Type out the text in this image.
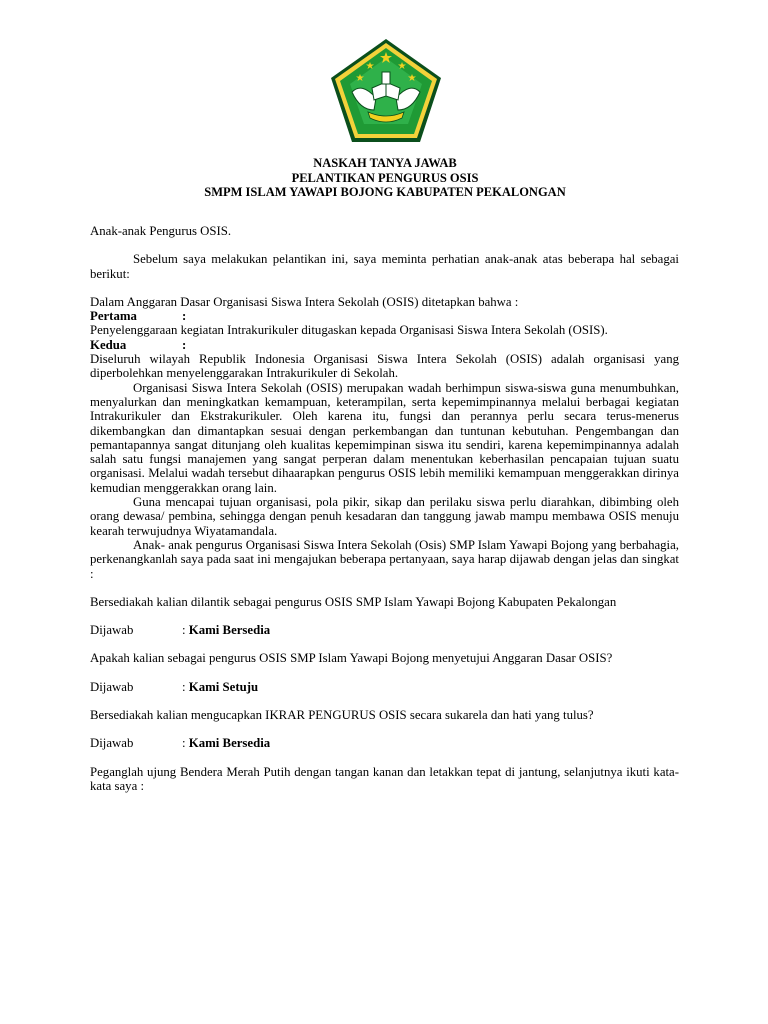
NASKAH TANYA JAWAB
PELANTIKAN PENGURUS OSIS
SMPM ISLAM YAWAPI BOJONG KABUPATEN PEKALONGAN

Anak-anak Pengurus OSIS.

Sebelum saya melakukan pelantikan ini, saya meminta perhatian anak-anak atas beberapa hal sebagai berikut:

Dalam Anggaran Dasar Organisasi Siswa Intera Sekolah (OSIS) ditetapkan bahwa :

Pertama	:

Penyelenggaraan kegiatan Intrakurikuler ditugaskan kepada Organisasi Siswa Intera Sekolah (OSIS).

Kedua	:

Diseluruh wilayah Republik Indonesia Organisasi Siswa Intera Sekolah (OSIS) adalah organisasi yang diperbolehkan menyelenggarakan Intrakurikuler di Sekolah.

Organisasi Siswa Intera Sekolah (OSIS) merupakan wadah berhimpun siswa-siswa guna menumbuhkan, menyalurkan dan meningkatkan kemampuan, keterampilan, serta kepemimpinannya melalui berbagai kegiatan Intrakurikuler dan Ekstrakurikuler. Oleh karena itu, fungsi dan perannya perlu secara terus-menerus dikembangkan dan dimantapkan sesuai dengan perkembangan dan tuntunan kebutuhan. Pengembangan dan pemantapannya sangat ditunjang oleh kualitas kepemimpinan siswa itu sendiri, karena kepemimpinannya adalah salah satu fungsi manajemen yang sangat perperan dalam menentukan keberhasilan pencapaian tujuan suatu organisasi. Melalui wadah tersebut dihaarapkan pengurus OSIS lebih memiliki kemampuan menggerakkan dirinya kemudian menggerakkan orang lain.

Guna mencapai tujuan organisasi, pola pikir, sikap dan perilaku siswa perlu diarahkan, dibimbing oleh orang dewasa/ pembina, sehingga dengan penuh kesadaran dan tanggung jawab mampu membawa OSIS menuju kearah terwujudnya Wiyatamandala.

Anak- anak pengurus Organisasi Siswa Intera Sekolah (Osis) SMP Islam Yawapi Bojong yang berbahagia, perkenangkanlah saya pada saat ini mengajukan beberapa pertanyaan, saya harap dijawab dengan jelas dan singkat :

Bersediakah kalian dilantik sebagai pengurus OSIS SMP Islam Yawapi Bojong Kabupaten Pekalongan

Dijawab	: Kami Bersedia

Apakah kalian sebagai pengurus OSIS SMP Islam Yawapi Bojong menyetujui Anggaran Dasar OSIS?

Dijawab	: Kami Setuju

Bersediakah kalian mengucapkan IKRAR PENGURUS OSIS secara sukarela dan hati yang tulus?

Dijawab	: Kami Bersedia

Peganglah ujung Bendera Merah Putih dengan tangan kanan dan letakkan tepat di jantung, selanjutnya ikuti kata- kata saya :
